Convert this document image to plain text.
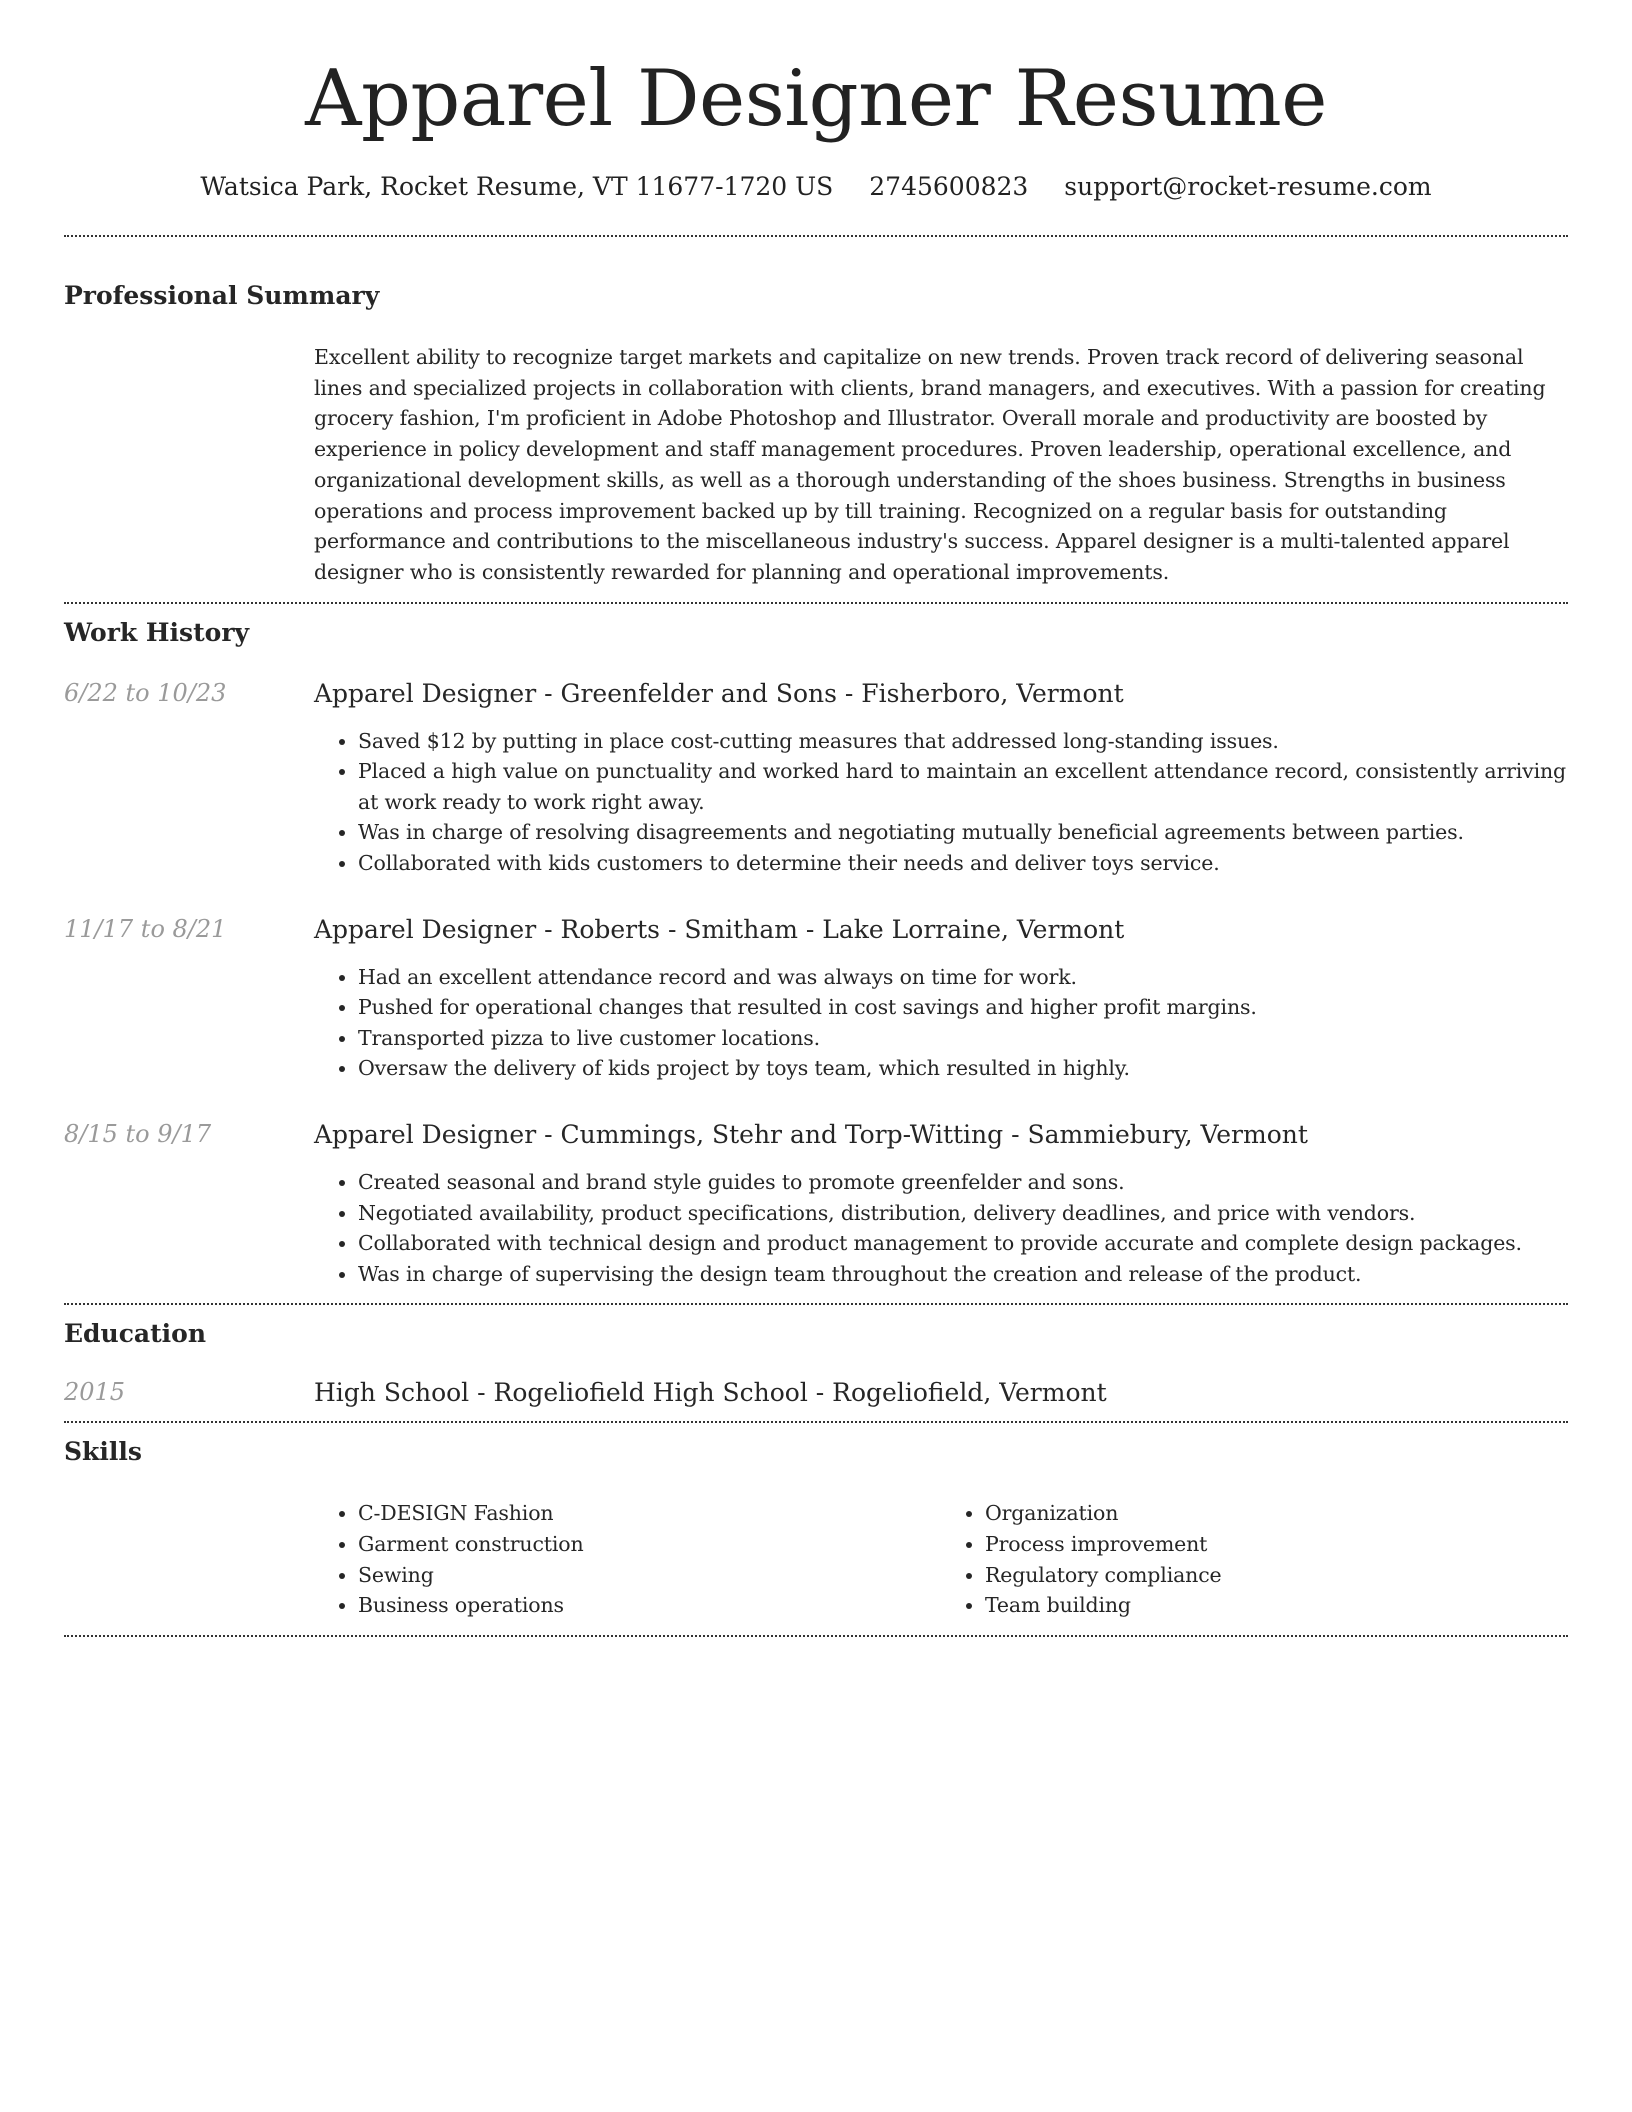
Apparel Designer Resume
Watsica Park, Rocket Resume, VT 11677-1720 US 2745600823 support@rocket-resume.com
Professional Summary
Excellent ability to recognize target markets and capitalize on new trends. Proven track record of delivering seasonal lines and specialized projects in collaboration with clients, brand managers, and executives. With a passion for creating grocery fashion, I'm proficient in Adobe Photoshop and Illustrator. Overall morale and productivity are boosted by experience in policy development and staff management procedures. Proven leadership, operational excellence, and organizational development skills, as well as a thorough understanding of the shoes business. Strengths in business operations and process improvement backed up by till training. Recognized on a regular basis for outstanding performance and contributions to the miscellaneous industry's success. Apparel designer is a multi-talented apparel designer who is consistently rewarded for planning and operational improvements.
Work History
6/22 to 10/23	Apparel Designer - Greenfelder and Sons - Fisherboro, Vermont
• Saved $12 by putting in place cost-cutting measures that addressed long-standing issues.
• Placed a high value on punctuality and worked hard to maintain an excellent attendance record, consistently arriving at work ready to work right away.
• Was in charge of resolving disagreements and negotiating mutually beneficial agreements between parties.
• Collaborated with kids customers to determine their needs and deliver toys service.
11/17 to 8/21	Apparel Designer - Roberts - Smitham - Lake Lorraine, Vermont
• Had an excellent attendance record and was always on time for work.
• Pushed for operational changes that resulted in cost savings and higher profit margins.
• Transported pizza to live customer locations.
• Oversaw the delivery of kids project by toys team, which resulted in highly.
8/15 to 9/17	Apparel Designer - Cummings, Stehr and Torp-Witting - Sammiebury, Vermont
• Created seasonal and brand style guides to promote greenfelder and sons.
• Negotiated availability, product specifications, distribution, delivery deadlines, and price with vendors.
• Collaborated with technical design and product management to provide accurate and complete design packages.
• Was in charge of supervising the design team throughout the creation and release of the product.
Education
2015	High School - Rogeliofield High School - Rogeliofield, Vermont
Skills
• C-DESIGN Fashion
• Garment construction
• Sewing
• Business operations
• Organization
• Process improvement
• Regulatory compliance
• Team building
